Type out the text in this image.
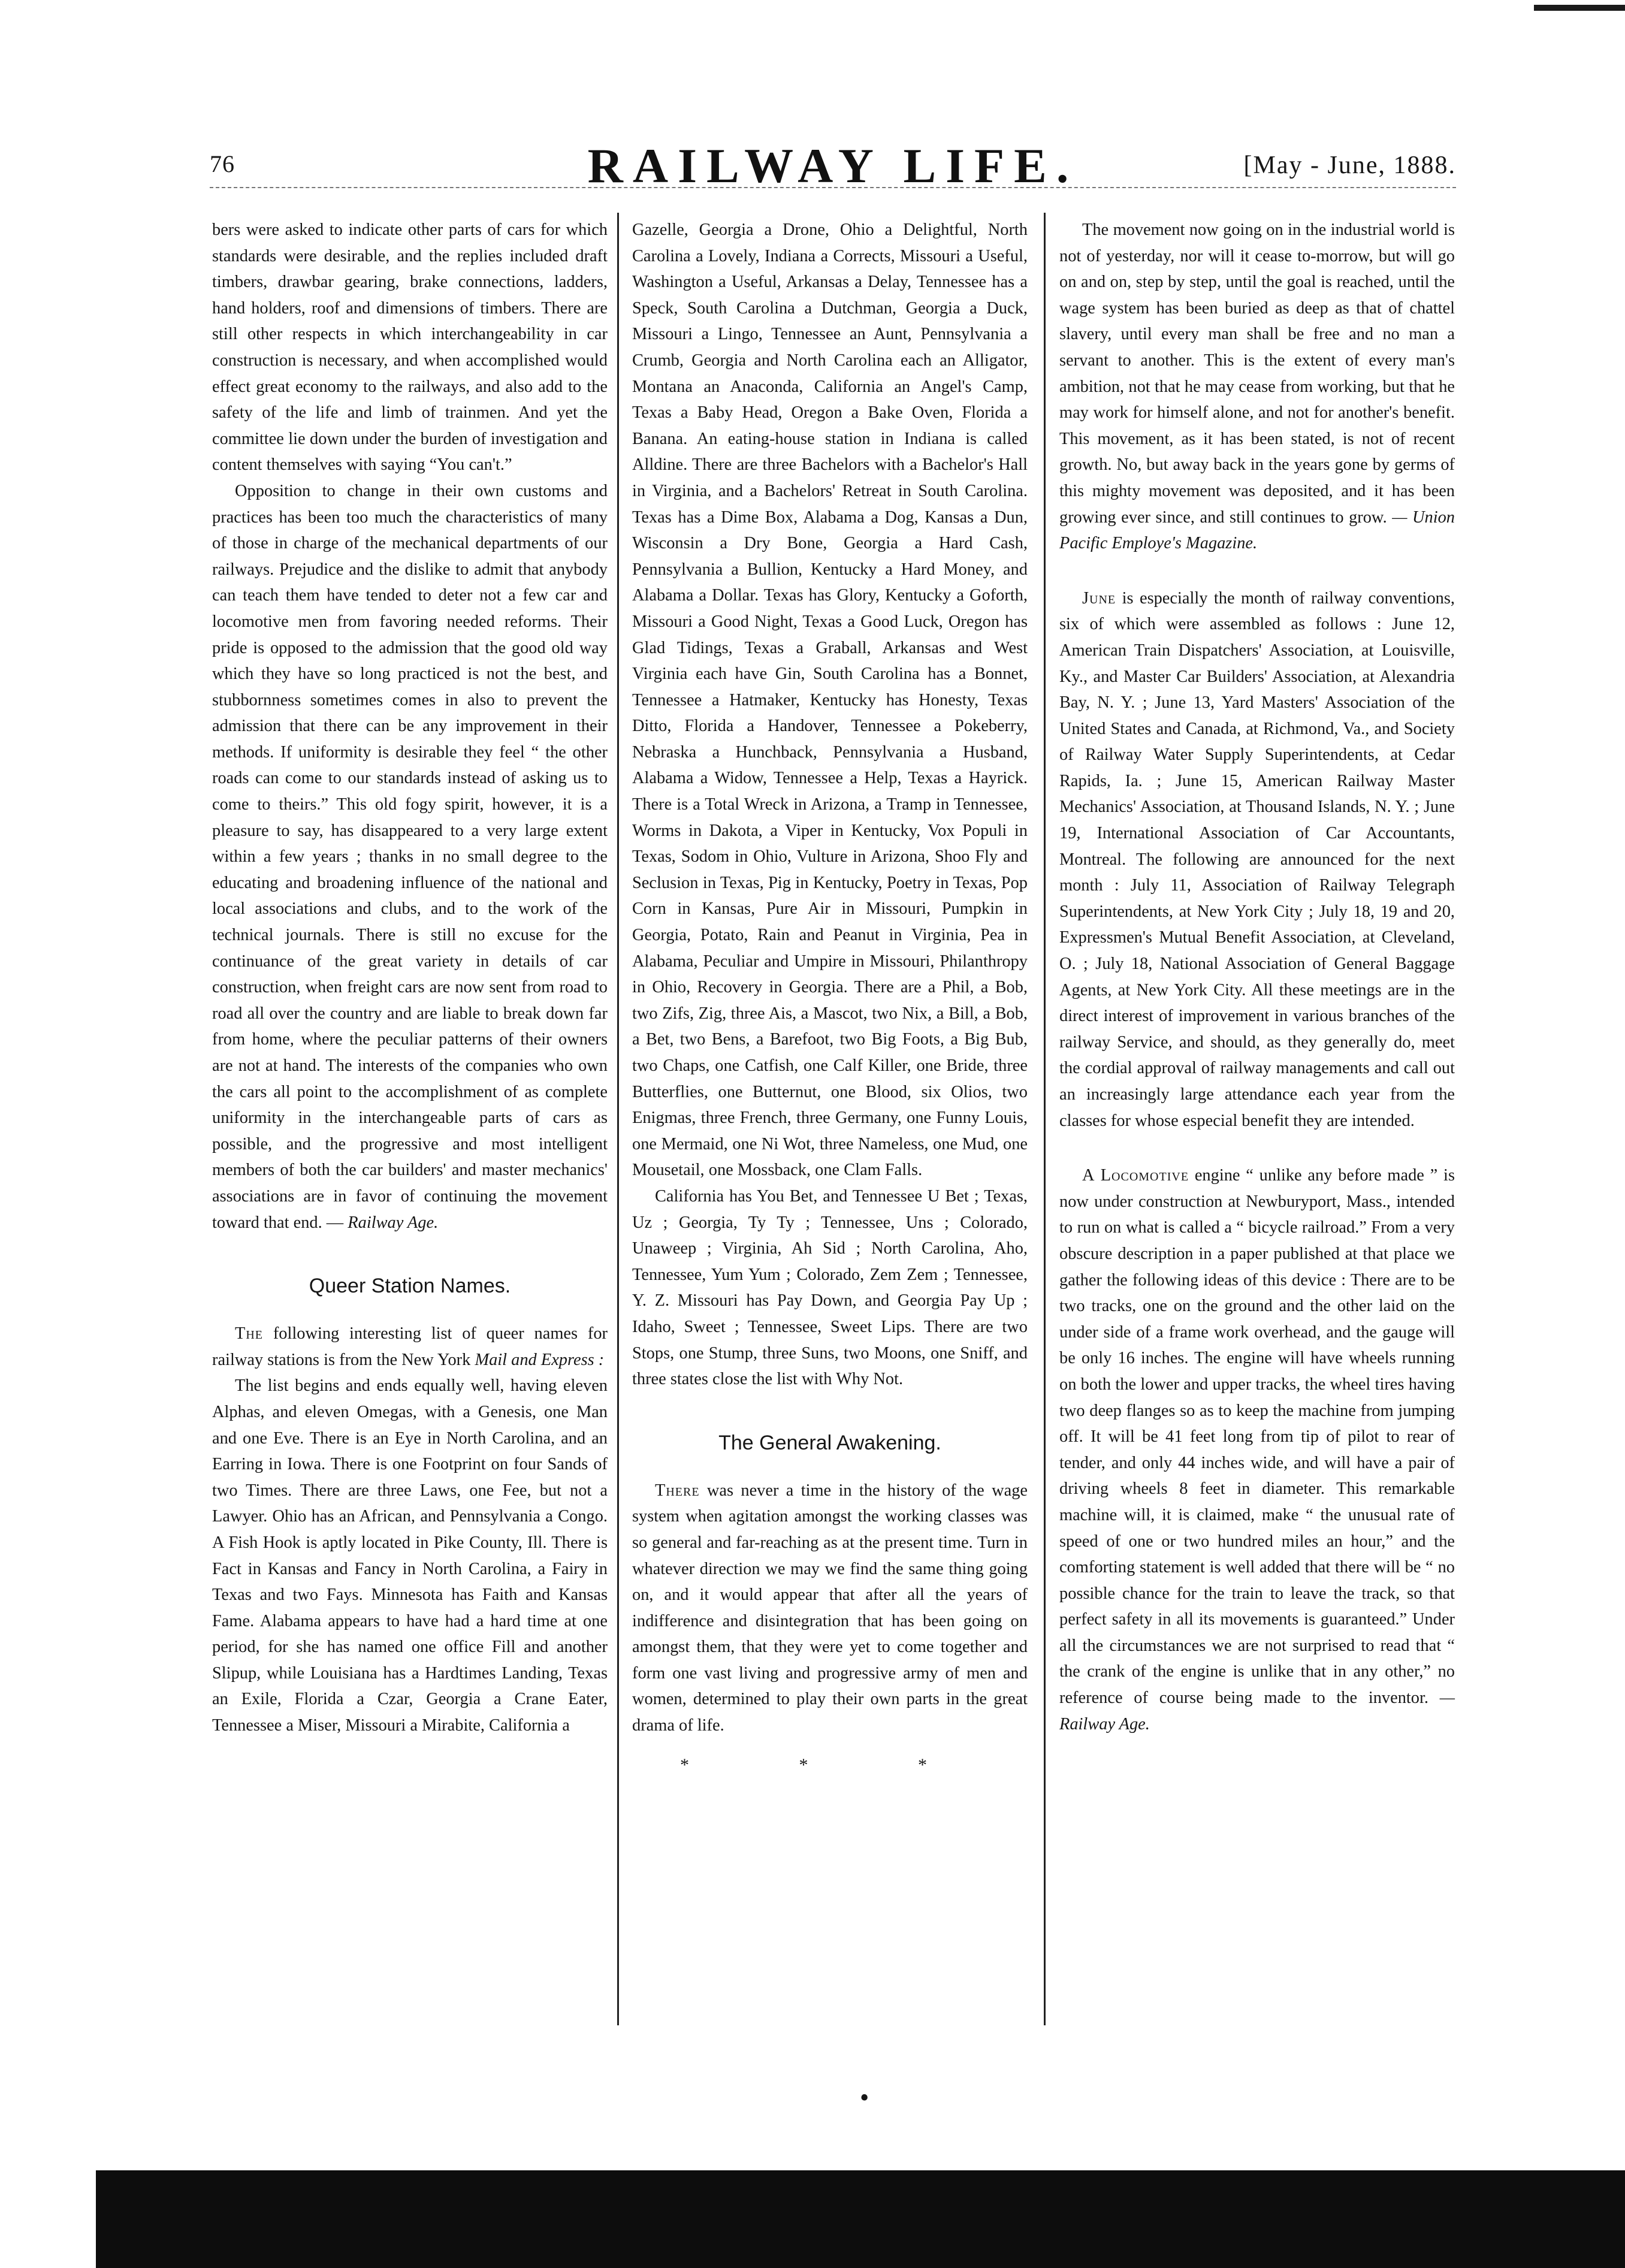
76	RAILWAY LIFE.	[May - June, 1888.

bers were asked to indicate other parts of cars for which standards were desirable, and the replies included draft timbers, drawbar gearing, brake connections, ladders, hand holders, roof and dimensions of timbers. There are still other respects in which interchangeability in car construction is necessary, and when accomplished would effect great economy to the railways, and also add to the safety of the life and limb of trainmen. And yet the committee lie down under the burden of investigation and content themselves with saying “You can't.”

Opposition to change in their own customs and practices has been too much the characteristics of many of those in charge of the mechanical departments of our railways. Prejudice and the dislike to admit that anybody can teach them have tended to deter not a few car and locomotive men from favoring needed reforms. Their pride is opposed to the admission that the good old way which they have so long practiced is not the best, and stubbornness sometimes comes in also to prevent the admission that there can be any improvement in their methods. If uniformity is desirable they feel “ the other roads can come to our standards instead of asking us to come to theirs.” This old fogy spirit, however, it is a pleasure to say, has disappeared to a very large extent within a few years ; thanks in no small degree to the educating and broadening influence of the national and local associations and clubs, and to the work of the technical journals. There is still no excuse for the continuance of the great variety in details of car construction, when freight cars are now sent from road to road all over the country and are liable to break down far from home, where the peculiar patterns of their owners are not at hand. The interests of the companies who own the cars all point to the accomplishment of as complete uniformity in the interchangeable parts of cars as possible, and the progressive and most intelligent members of both the car builders' and master mechanics' associations are in favor of continuing the movement toward that end. — Railway Age.

Queer Station Names.

The following interesting list of queer names for railway stations is from the New York Mail and Express :

The list begins and ends equally well, having eleven Alphas, and eleven Omegas, with a Genesis, one Man and one Eve. There is an Eye in North Carolina, and an Earring in Iowa. There is one Footprint on four Sands of two Times. There are three Laws, one Fee, but not a Lawyer. Ohio has an African, and Pennsylvania a Congo. A Fish Hook is aptly located in Pike County, Ill. There is Fact in Kansas and Fancy in North Carolina, a Fairy in Texas and two Fays. Minnesota has Faith and Kansas Fame. Alabama appears to have had a hard time at one period, for she has named one office Fill and another Slipup, while Louisiana has a Hardtimes Landing, Texas an Exile, Florida a Czar, Georgia a Crane Eater, Tennessee a Miser, Missouri a Mirabite, California a

Gazelle, Georgia a Drone, Ohio a Delightful, North Carolina a Lovely, Indiana a Corrects, Missouri a Useful, Washington a Useful, Arkansas a Delay, Tennessee has a Speck, South Carolina a Dutchman, Georgia a Duck, Missouri a Lingo, Tennessee an Aunt, Pennsylvania a Crumb, Georgia and North Carolina each an Alligator, Montana an Anaconda, California an Angel's Camp, Texas a Baby Head, Oregon a Bake Oven, Florida a Banana. An eating-house station in Indiana is called Alldine. There are three Bachelors with a Bachelor's Hall in Virginia, and a Bachelors' Retreat in South Carolina. Texas has a Dime Box, Alabama a Dog, Kansas a Dun, Wisconsin a Dry Bone, Georgia a Hard Cash, Pennsylvania a Bullion, Kentucky a Hard Money, and Alabama a Dollar. Texas has Glory, Kentucky a Goforth, Missouri a Good Night, Texas a Good Luck, Oregon has Glad Tidings, Texas a Graball, Arkansas and West Virginia each have Gin, South Carolina has a Bonnet, Tennessee a Hatmaker, Kentucky has Honesty, Texas Ditto, Florida a Handover, Tennessee a Pokeberry, Nebraska a Hunchback, Pennsylvania a Husband, Alabama a Widow, Tennessee a Help, Texas a Hayrick. There is a Total Wreck in Arizona, a Tramp in Tennessee, Worms in Dakota, a Viper in Kentucky, Vox Populi in Texas, Sodom in Ohio, Vulture in Arizona, Shoo Fly and Seclusion in Texas, Pig in Kentucky, Poetry in Texas, Pop Corn in Kansas, Pure Air in Missouri, Pumpkin in Georgia, Potato, Rain and Peanut in Virginia, Pea in Alabama, Peculiar and Umpire in Missouri, Philanthropy in Ohio, Recovery in Georgia. There are a Phil, a Bob, two Zifs, Zig, three Ais, a Mascot, two Nix, a Bill, a Bob, a Bet, two Bens, a Barefoot, two Big Foots, a Big Bub, two Chaps, one Catfish, one Calf Killer, one Bride, three Butterflies, one Butternut, one Blood, six Olios, two Enigmas, three French, three Germany, one Funny Louis, one Mermaid, one Ni Wot, three Nameless, one Mud, one Mousetail, one Mossback, one Clam Falls.

California has You Bet, and Tennessee U Bet ; Texas, Uz ; Georgia, Ty Ty ; Tennessee, Uns ; Colorado, Unaweep ; Virginia, Ah Sid ; North Carolina, Aho, Tennessee, Yum Yum ; Colorado, Zem Zem ; Tennessee, Y. Z. Missouri has Pay Down, and Georgia Pay Up ; Idaho, Sweet ; Tennessee, Sweet Lips. There are two Stops, one Stump, three Suns, two Moons, one Sniff, and three states close the list with Why Not.

The General Awakening.

There was never a time in the history of the wage system when agitation amongst the working classes was so general and far-reaching as at the present time. Turn in whatever direction we may we find the same thing going on, and it would appear that after all the years of indifference and disintegration that has been going on amongst them, that they were yet to come together and form one vast living and progressive army of men and women, determined to play their own parts in the great drama of life.

* * *

The movement now going on in the industrial world is not of yesterday, nor will it cease to-morrow, but will go on and on, step by step, until the goal is reached, until the wage system has been buried as deep as that of chattel slavery, until every man shall be free and no man a servant to another. This is the extent of every man's ambition, not that he may cease from working, but that he may work for himself alone, and not for another's benefit. This movement, as it has been stated, is not of recent growth. No, but away back in the years gone by germs of this mighty movement was deposited, and it has been growing ever since, and still continues to grow. — Union Pacific Employe's Magazine.

June is especially the month of railway conventions, six of which were assembled as follows : June 12, American Train Dispatchers' Association, at Louisville, Ky., and Master Car Builders' Association, at Alexandria Bay, N. Y. ; June 13, Yard Masters' Association of the United States and Canada, at Richmond, Va., and Society of Railway Water Supply Superintendents, at Cedar Rapids, Ia. ; June 15, American Railway Master Mechanics' Association, at Thousand Islands, N. Y. ; June 19, International Association of Car Accountants, Montreal. The following are announced for the next month : July 11, Association of Railway Telegraph Superintendents, at New York City ; July 18, 19 and 20, Expressmen's Mutual Benefit Association, at Cleveland, O. ; July 18, National Association of General Baggage Agents, at New York City. All these meetings are in the direct interest of improvement in various branches of the railway Service, and should, as they generally do, meet the cordial approval of railway managements and call out an increasingly large attendance each year from the classes for whose especial benefit they are intended.

A Locomotive engine “ unlike any before made ” is now under construction at Newburyport, Mass., intended to run on what is called a “ bicycle railroad.” From a very obscure description in a paper published at that place we gather the following ideas of this device : There are to be two tracks, one on the ground and the other laid on the under side of a frame work overhead, and the gauge will be only 16 inches. The engine will have wheels running on both the lower and upper tracks, the wheel tires having two deep flanges so as to keep the machine from jumping off. It will be 41 feet long from tip of pilot to rear of tender, and only 44 inches wide, and will have a pair of driving wheels 8 feet in diameter. This remarkable machine will, it is claimed, make “ the unusual rate of speed of one or two hundred miles an hour,” and the comforting statement is well added that there will be “ no possible chance for the train to leave the track, so that perfect safety in all its movements is guaranteed.” Under all the circumstances we are not surprised to read that “ the crank of the engine is unlike that in any other,” no reference of course being made to the inventor. — Railway Age.

•
